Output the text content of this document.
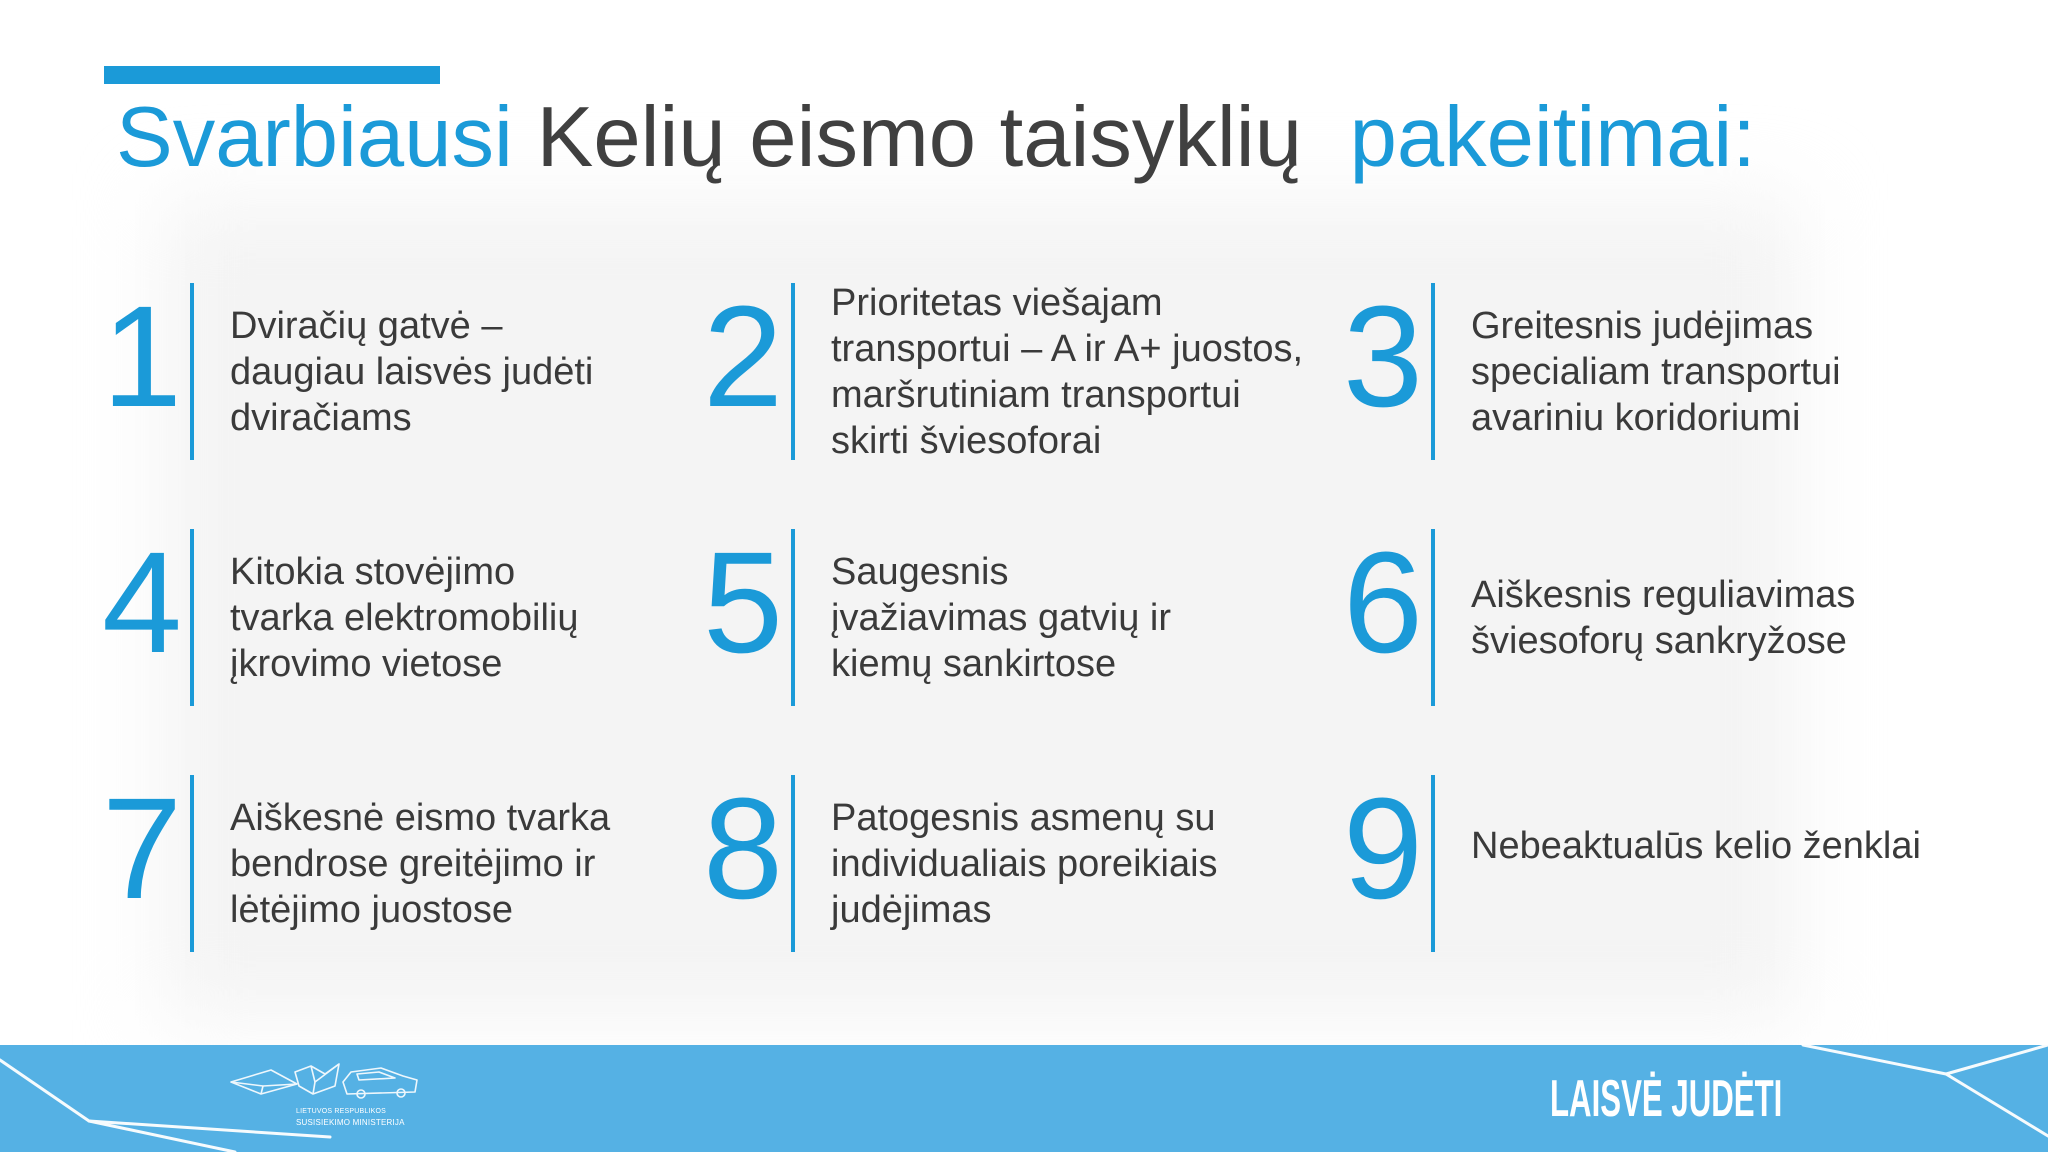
Svarbiausi Kelių eismo taisyklių pakeitimai:
1 Dviračių gatvė –
daugiau laisvės judėti
dviračiams	2 Prioritetas viešajam
transportui – A ir A+ juostos,
maršrutiniam transportui
skirti šviesoforai

3 Greitesnis judėjimas
specialiam transportui
avariniu koridoriumi

4 Kitokia stovėjimo
tvarka elektromobilių
įkrovimo vietose	5 Saugesnis
įvažiavimas gatvių ir
kiemų sankirtose	6 Aiškesnis reguliavimas
šviesoforų sankryžose

7 Aiškesnė eismo tvarka
bendrose greitėjimo ir
lėtėjimo juostose	8 Patogesnis asmenų su
individualiais poreikiais
judėjimas	9 Nebeaktualūs kelio ženklai

LIETUVOS RESPUBLIKOS
SUSISIEKIMO MINISTERIJA	LAISVĖ JUDĖTI
